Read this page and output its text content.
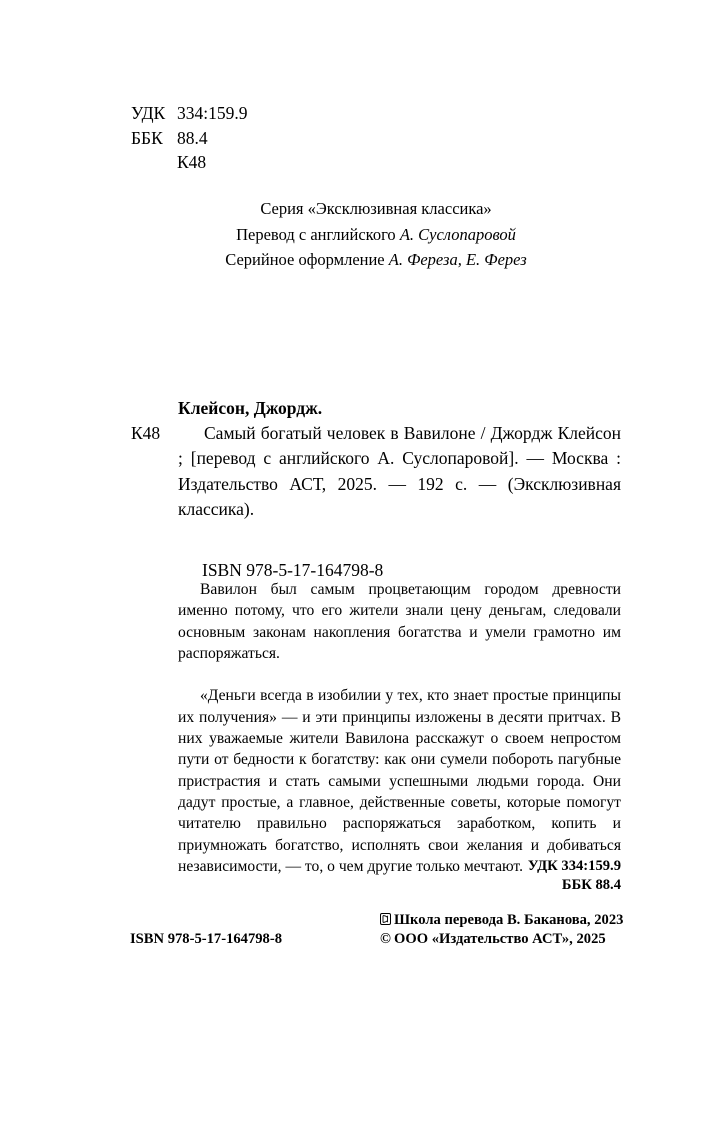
УДК 334:159.9
ББК 88.4
К48
Серия «Эксклюзивная классика»
Перевод с английского А. Суслопаровой
Серийное оформление А. Фереза, Е. Ферез
Клейсон, Джордж.
К48	Самый богатый человек в Вавилоне / Джордж Клейсон ; [перевод с английского А. Суслопаровой]. — Москва : Издательство АСТ, 2025. — 192 с. — (Эксклюзивная классика).
ISBN 978-5-17-164798-8

Вавилон был самым процветающим городом древности именно потому, что его жители знали цену деньгам, следовали основным законам накопления богатства и умели грамотно им распоряжаться.

«Деньги всегда в изобилии у тех, кто знает простые принципы их получения» — и эти принципы изложены в десяти притчах. В них уважаемые жители Вавилона расскажут о своем непростом пути от бедности к богатству: как они сумели побороть пагубные пристрастия и стать самыми успешными людьми города. Они дадут простые, а главное, действенные советы, которые помогут читателю правильно распоряжаться заработком, копить и приумножать богатство, исполнять свои желания и добиваться независимости, — то, о чем другие только мечтают. УДК 334:159.9
ББК 88.4
ISBN 978-5-17-164798-8
Школа перевода В. Баканова, 2023
© ООО «Издательство АСТ», 2025
